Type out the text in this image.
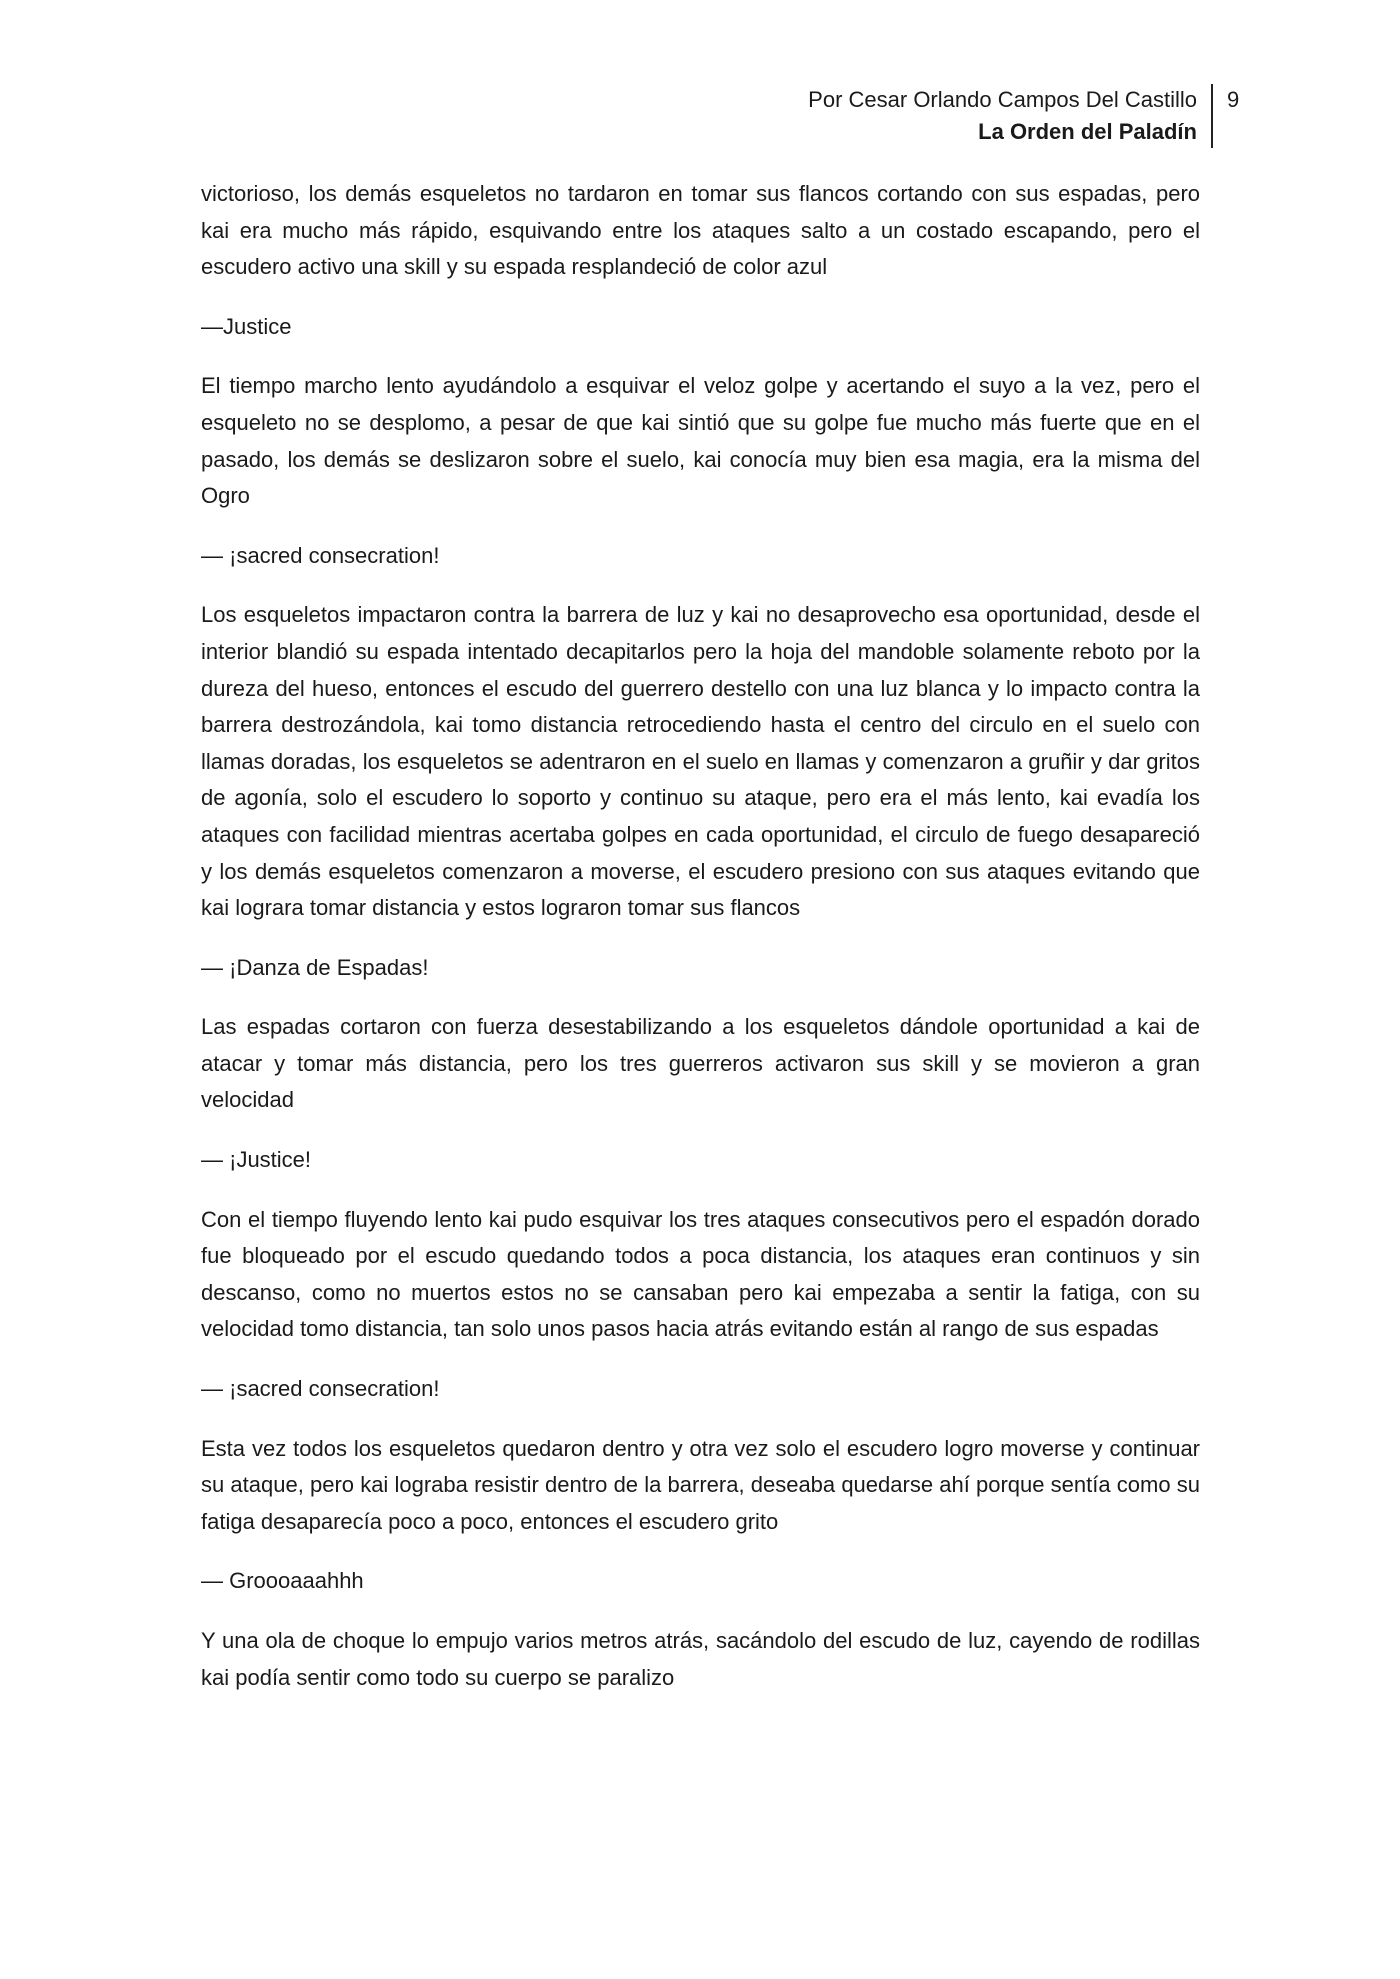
Por Cesar Orlando Campos Del Castillo
La Orden del Paladín
9

victorioso, los demás esqueletos no tardaron en tomar sus flancos cortando con sus espadas, pero kai era mucho más rápido, esquivando entre los ataques salto a un costado escapando, pero el escudero activo una skill y su espada resplandeció de color azul

—Justice

El tiempo marcho lento ayudándolo a esquivar el veloz golpe y acertando el suyo a la vez, pero el esqueleto no se desplomo, a pesar de que kai sintió que su golpe fue mucho más fuerte que en el pasado, los demás se deslizaron sobre el suelo, kai conocía muy bien esa magia, era la misma del Ogro

— ¡sacred consecration!

Los esqueletos impactaron contra la barrera de luz y kai no desaprovecho esa oportunidad, desde el interior blandió su espada intentado decapitarlos pero la hoja del mandoble solamente reboto por la dureza del hueso, entonces el escudo del guerrero destello con una luz blanca y lo impacto contra la barrera destrozándola, kai tomo distancia retrocediendo hasta el centro del circulo en el suelo con llamas doradas, los esqueletos se adentraron en el suelo en llamas y comenzaron a gruñir y dar gritos de agonía, solo el escudero lo soporto y continuo su ataque, pero era el más lento, kai evadía los ataques con facilidad mientras acertaba golpes en cada oportunidad, el circulo de fuego desapareció y los demás esqueletos comenzaron a moverse, el escudero presiono con sus ataques evitando que kai lograra tomar distancia y estos lograron tomar sus flancos

— ¡Danza de Espadas!

Las espadas cortaron con fuerza desestabilizando a los esqueletos dándole oportunidad a kai de atacar y tomar más distancia, pero los tres guerreros activaron sus skill y se movieron a gran velocidad

— ¡Justice!

Con el tiempo fluyendo lento kai pudo esquivar los tres ataques consecutivos pero el espadón dorado fue bloqueado por el escudo quedando todos a poca distancia, los ataques eran continuos y sin descanso, como no muertos estos no se cansaban pero kai empezaba a sentir la fatiga, con su velocidad tomo distancia, tan solo unos pasos hacia atrás evitando están al rango de sus espadas

— ¡sacred consecration!

Esta vez todos los esqueletos quedaron dentro y otra vez solo el escudero logro moverse y continuar su ataque, pero kai lograba resistir dentro de la barrera, deseaba quedarse ahí porque sentía como su fatiga desaparecía poco a poco, entonces el escudero grito

— Groooaaahhh

Y una ola de choque lo empujo varios metros atrás, sacándolo del escudo de luz, cayendo de rodillas kai podía sentir como todo su cuerpo se paralizo
